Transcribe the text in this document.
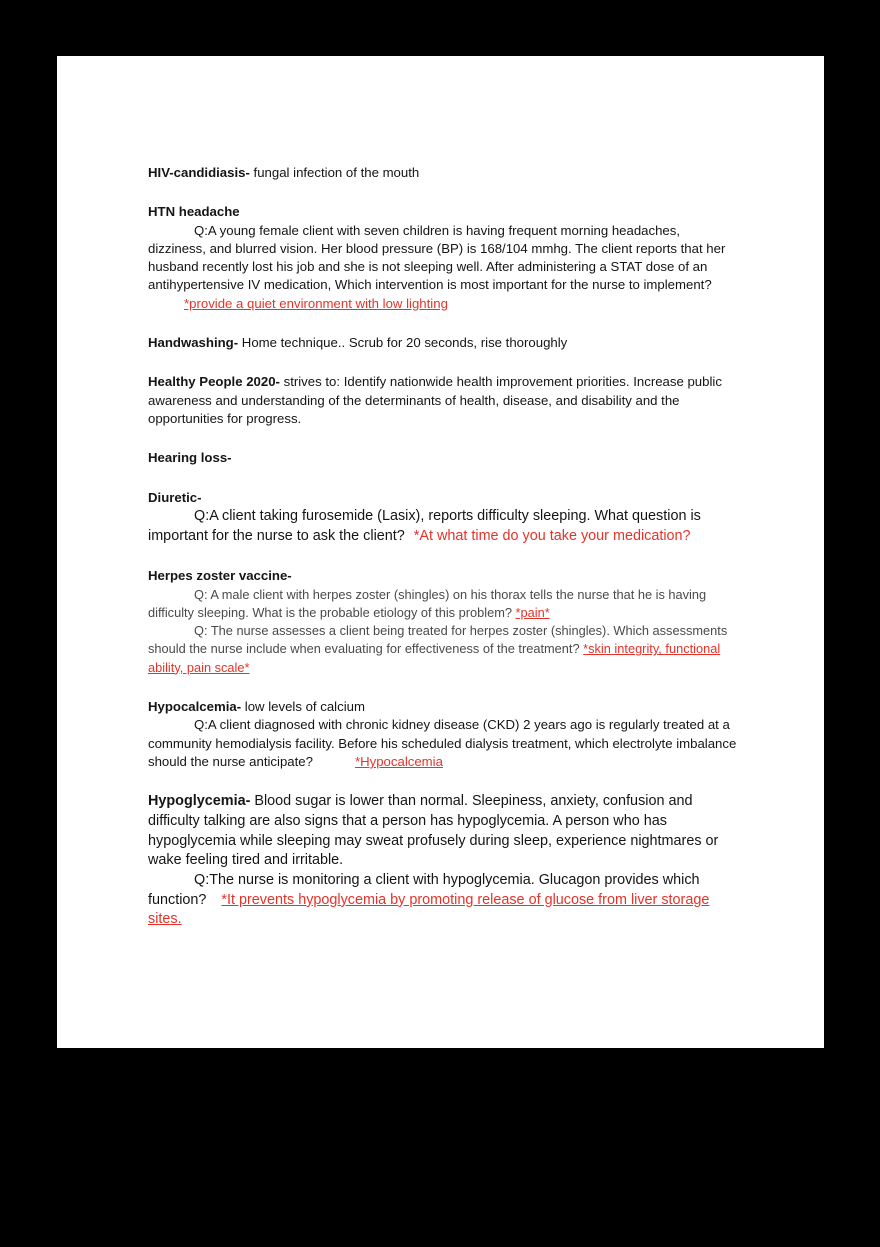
HIV-candidiasis- fungal infection of the mouth

HTN headache

Q:A young female client with seven children is having frequent morning headaches, dizziness, and blurred vision. Her blood pressure (BP) is 168/104 mmhg. The client reports that her husband recently lost his job and she is not sleeping well. After administering a STAT dose of an antihypertensive IV medication, Which intervention is most important for the nurse to implement?*provide a quiet environment with low lighting

Handwashing- Home technique.. Scrub for 20 seconds, rise thoroughly

Healthy People 2020- strives to: Identify nationwide health improvement priorities. Increase public awareness and understanding of the determinants of health, disease, and disability and the opportunities for progress.

Hearing loss-

Diuretic-

Q:A client taking furosemide (Lasix), reports difficulty sleeping. What question is important for the nurse to ask the client? *At what time do you take your medication?

Herpes zoster vaccine-

Q: A male client with herpes zoster (shingles) on his thorax tells the nurse that he is having difficulty sleeping. What is the probable etiology of this problem? *pain*

Q: The nurse assesses a client being treated for herpes zoster (shingles). Which assessments should the nurse include when evaluating for effectiveness of the treatment? *skin integrity, functional ability, pain scale*

Hypocalcemia- low levels of calcium

Q:A client diagnosed with chronic kidney disease (CKD) 2 years ago is regularly treated at a community hemodialysis facility. Before his scheduled dialysis treatment, which electrolyte imbalance should the nurse anticipate?	*Hypocalcemia

Hypoglycemia- Blood sugar is lower than normal. Sleepiness, anxiety, confusion and difficulty talking are also signs that a person has hypoglycemia. A person who has hypoglycemia while sleeping may sweat profusely during sleep, experience nightmares or wake feeling tired and irritable.

Q:The nurse is monitoring a client with hypoglycemia. Glucagon provides which function? *It prevents hypoglycemia by promoting release of glucose from liver storage sites.
